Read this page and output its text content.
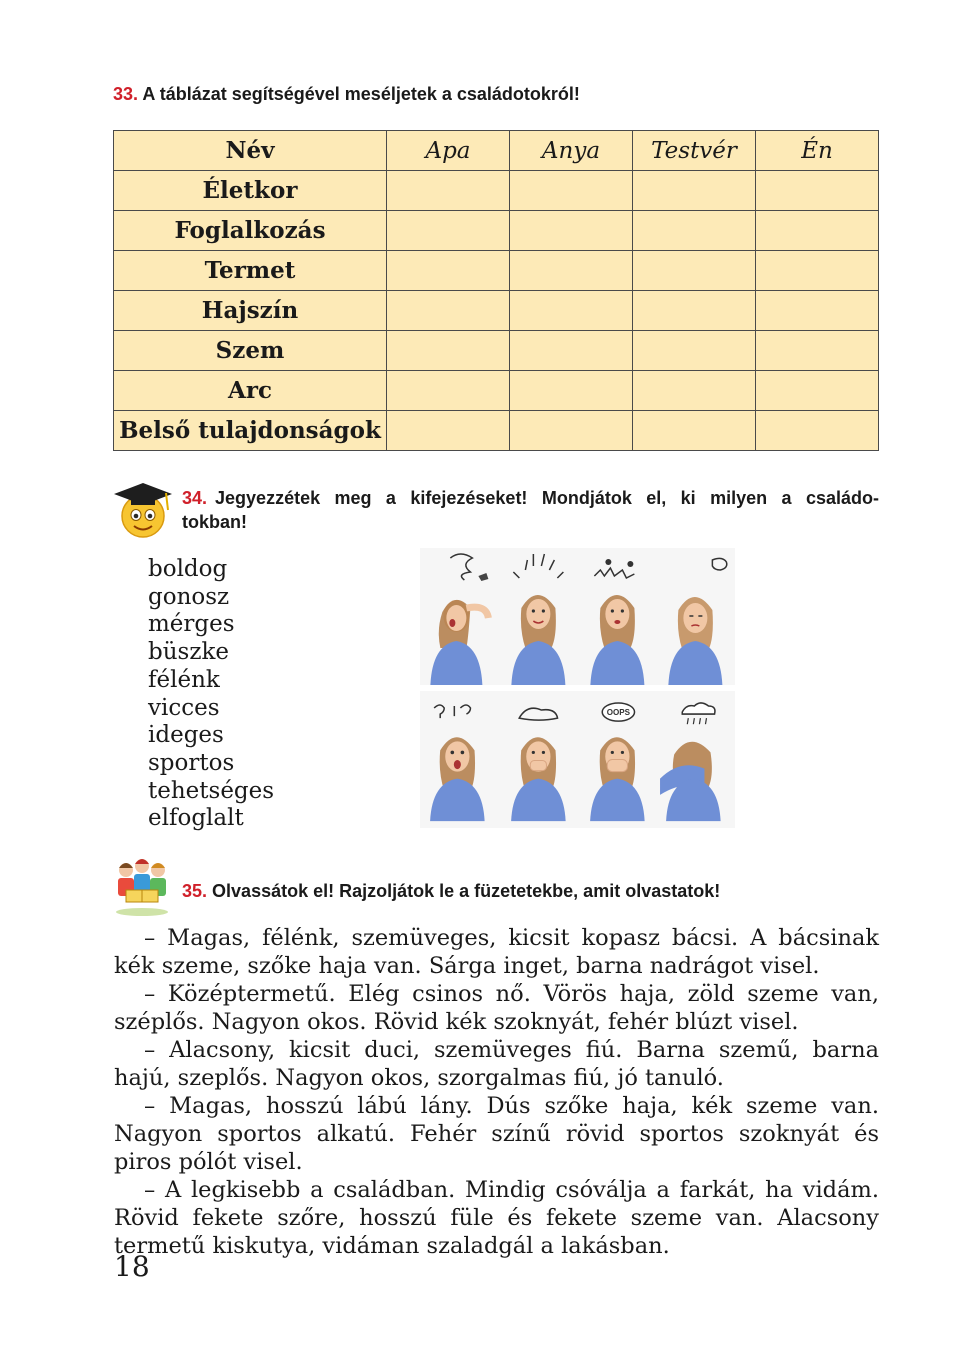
33. A táblázat segítségével meséljetek a családotokról!
Név	Apa	Anya	Testvér	Én
Életkor				
Foglalkozás				
Termet				
Hajszín				
Szem				
Arc				
Belső tulajdonságok				
34. Jegyezzétek meg a kifejezéseket! Mondjátok el, ki milyen a családo-
tokban!
boldog
gonosz
mérges
büszke
félénk
vicces
ideges
sportos
tehetséges
elfoglalt
OOPS
35. Olvassátok el! Rajzoljátok le a füzetetekbe, amit olvastatok!

– Magas, félénk, szemüveges, kicsit kopasz bácsi. A bácsinak kék szeme, szőke haja van. Sárga inget, barna nadrágot visel.

– Középtermetű. Elég csinos nő. Vörös haja, zöld szeme van, széplős. Nagyon okos. Rövid kék szoknyát, fehér blúzt visel.

– Alacsony, kicsit duci, szemüveges fiú. Barna szemű, barna hajú, szeplős. Nagyon okos, szorgalmas fiú, jó tanuló.

– Magas, hosszú lábú lány. Dús szőke haja, kék szeme van. Nagyon sportos alkatú. Fehér színű rövid sportos szoknyát és piros pólót visel.

– A legkisebb a családban. Mindig csóválja a farkát, ha vidám. Rövid fekete szőre, hosszú füle és fekete szeme van. Alacsony termetű kiskutya, vidáman szaladgál a lakásban.

18
